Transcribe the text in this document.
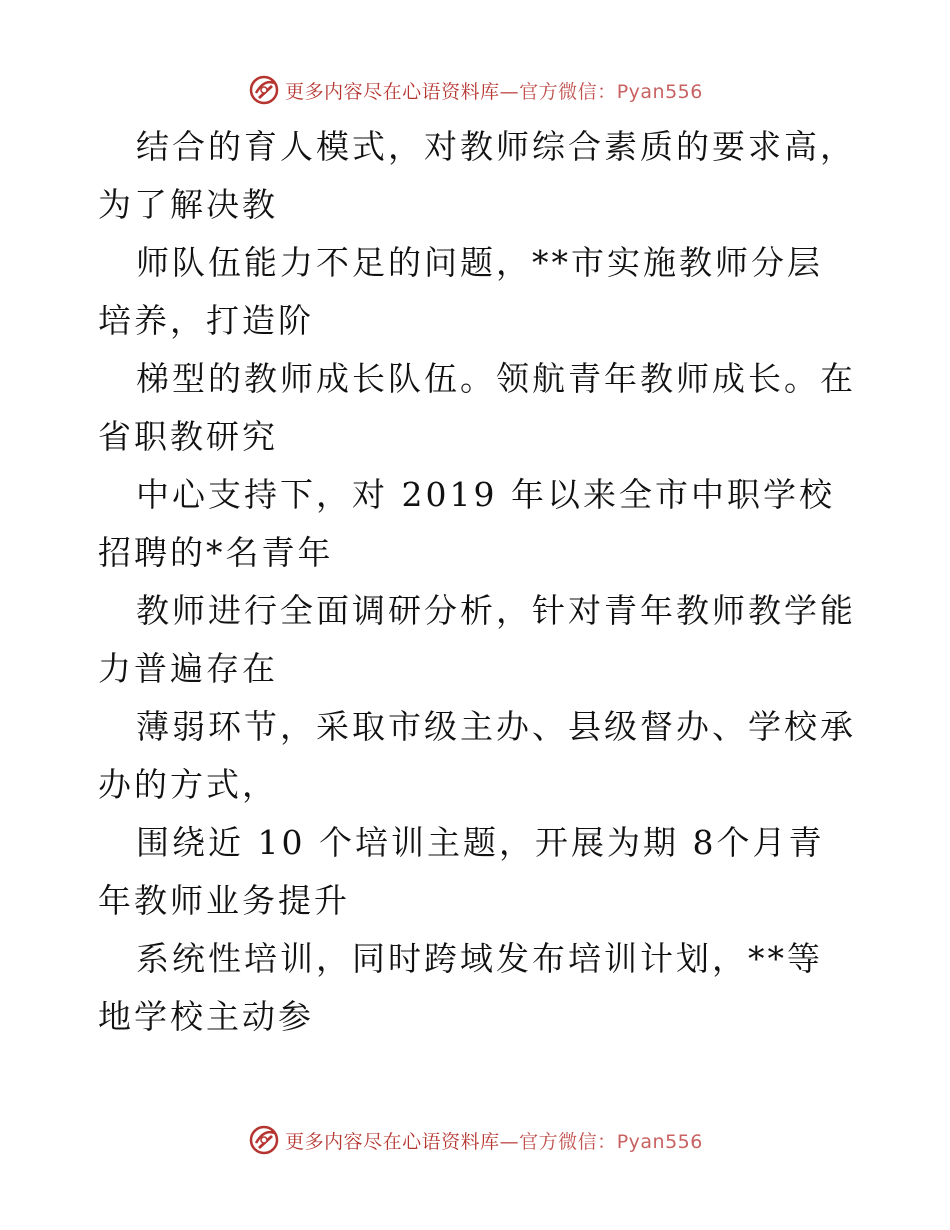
更多内容尽在心语资料库—官方微信：Pyan556

结合的育人模式，对教师综合素质的要求高，为了解决教

师队伍能力不足的问题，**市实施教师分层培养，打造阶

梯型的教师成长队伍。领航青年教师成长。在省职教研究

中心支持下，对 2019 年以来全市中职学校招聘的*名青年

教师进行全面调研分析，针对青年教师教学能力普遍存在

薄弱环节，采取市级主办、县级督办、学校承办的方式，

围绕近 10 个培训主题，开展为期 8个月青年教师业务提升

系统性培训，同时跨域发布培训计划，**等地学校主动参

更多内容尽在心语资料库—官方微信：Pyan556
